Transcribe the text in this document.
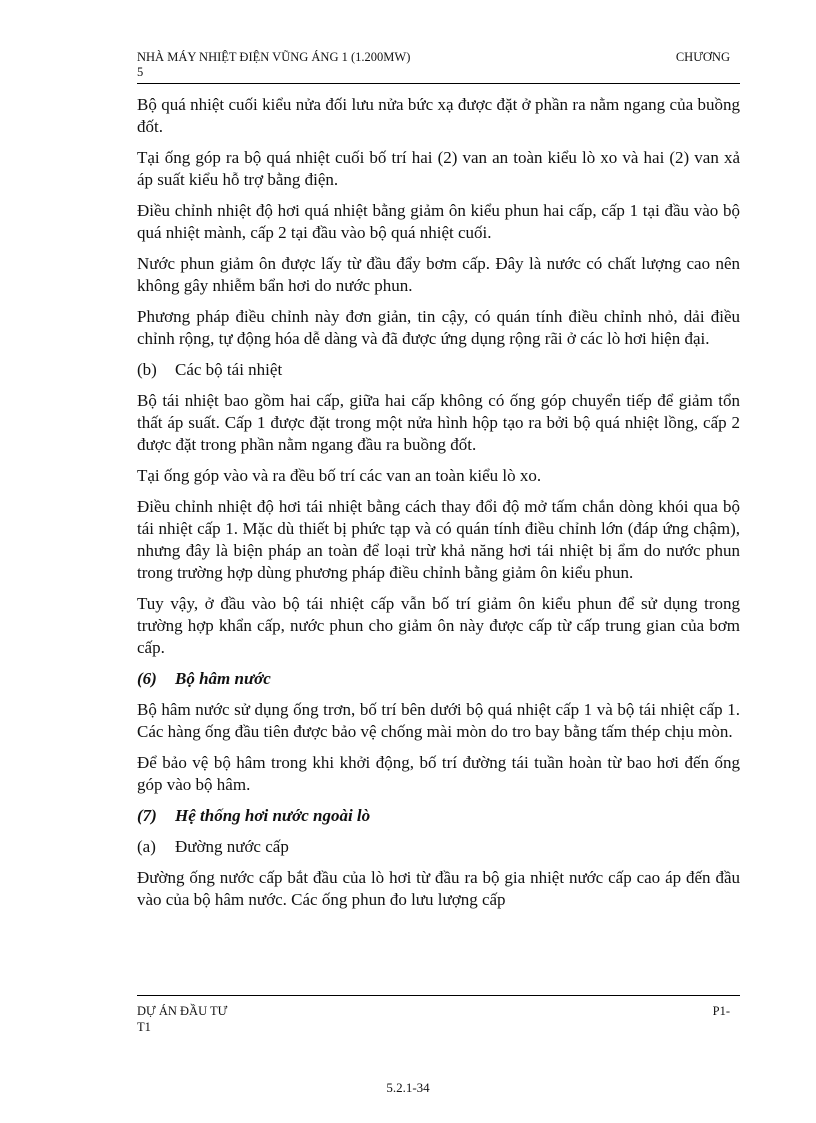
NHÀ MÁY NHIỆT ĐIỆN VŨNG ÁNG 1 (1.200MW)	CHƯƠNG
5

Bộ quá nhiệt cuối kiểu nửa đối lưu nửa bức xạ được đặt ở phần ra nằm ngang của buồng đốt.

Tại ống góp ra bộ quá nhiệt cuối bố trí hai (2) van an toàn kiểu lò xo và hai (2) van xả áp suất kiểu hỗ trợ bằng điện.

Điều chỉnh nhiệt độ hơi quá nhiệt bằng giảm ôn kiểu phun hai cấp, cấp 1 tại đầu vào bộ quá nhiệt mành, cấp 2 tại đầu vào bộ quá nhiệt cuối.

Nước phun giảm ôn được lấy từ đầu đẩy bơm cấp. Đây là nước có chất lượng cao nên không gây nhiễm bẩn hơi do nước phun.

Phương pháp điều chỉnh này đơn giản, tin cậy, có quán tính điều chỉnh nhỏ, dải điều chỉnh rộng, tự động hóa dễ dàng và đã được ứng dụng rộng rãi ở các lò hơi hiện đại.

(b)	Các bộ tái nhiệt

Bộ tái nhiệt bao gồm hai cấp, giữa hai cấp không có ống góp chuyển tiếp để giảm tổn thất áp suất. Cấp 1 được đặt trong một nửa hình hộp tạo ra bởi bộ quá nhiệt lồng, cấp 2 được đặt trong phần nằm ngang đầu ra buồng đốt.

Tại ống góp vào và ra đều bố trí các van an toàn kiểu lò xo.

Điều chỉnh nhiệt độ hơi tái nhiệt bằng cách thay đổi độ mở tấm chắn dòng khói qua bộ tái nhiệt cấp 1. Mặc dù thiết bị phức tạp và có quán tính điều chỉnh lớn (đáp ứng chậm), nhưng đây là biện pháp an toàn để loại trừ khả năng hơi tái nhiệt bị ẩm do nước phun trong trường hợp dùng phương pháp điều chỉnh bằng giảm ôn kiểu phun.

Tuy vậy, ở đầu vào bộ tái nhiệt cấp vẫn bố trí giảm ôn kiểu phun để sử dụng trong trường hợp khẩn cấp, nước phun cho giảm ôn này được cấp từ cấp trung gian của bơm cấp.

(6)	Bộ hâm nước

Bộ hâm nước sử dụng ống trơn, bố trí bên dưới bộ quá nhiệt cấp 1 và bộ tái nhiệt cấp 1. Các hàng ống đầu tiên được bảo vệ chống mài mòn do tro bay bằng tấm thép chịu mòn.

Để bảo vệ bộ hâm trong khi khởi động, bố trí đường tái tuần hoàn từ bao hơi đến ống góp vào bộ hâm.

(7)	Hệ thống hơi nước ngoài lò
(a)	Đường nước cấp

Đường ống nước cấp bắt đầu của lò hơi từ đầu ra bộ gia nhiệt nước cấp cao áp đến đầu vào của bộ hâm nước. Các ống phun đo lưu lượng cấp

DỰ ÁN ĐẦU TƯ	P1-
T1
5.2.1-34
